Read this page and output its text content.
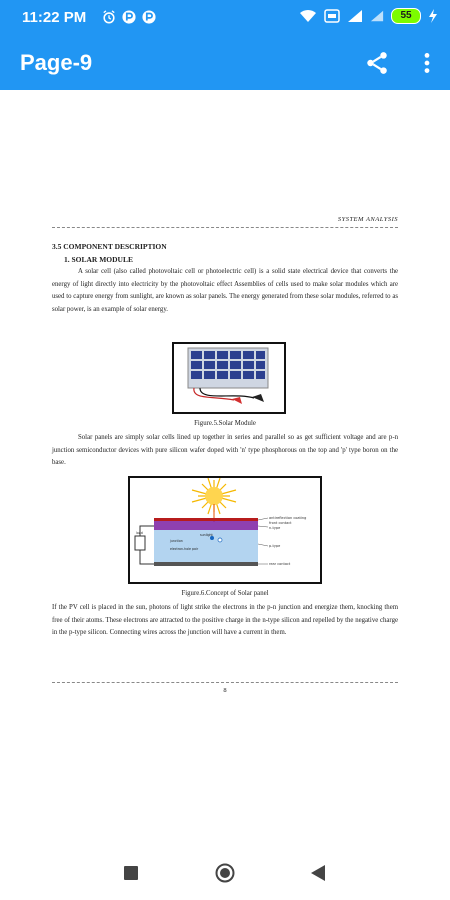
11:22 PM	55
Page-9
SYSTEM ANALYSIS
3.5 COMPONENT DESCRIPTION
1. SOLAR MODULE

A solar cell (also called photovoltaic cell or photoelectric cell) is a solid state electrical device that converts the energy of light directly into electricity by the photovoltaic effect Assemblies of cells used to make solar modules which are used to capture energy from sunlight, are known as solar panels. The energy generated from these solar modules, referred to as solar power, is an example of solar energy.

Figure.5.Solar Module

Solar panels are simply solar cells lined up together in series and parallel so as get sufficient voltage and are p-n junction semiconductor devices with pure silicon wafer doped with 'n' type phosphorous on the top and 'p' type boron on the base.

antireflection coating
front contact
n-type
p-type
rear contact
sunlight
junction
electron-hole pair
load
Figure.6.Concept of Solar panel

If the PV cell is placed in the sun, photons of light strike the electrons in the p-n junction and energize them, knocking them free of their atoms. These electrons are attracted to the positive charge in the n-type silicon and repelled by the negative charge in the p-type silicon. Connecting wires across the junction will have a current in them.

8
